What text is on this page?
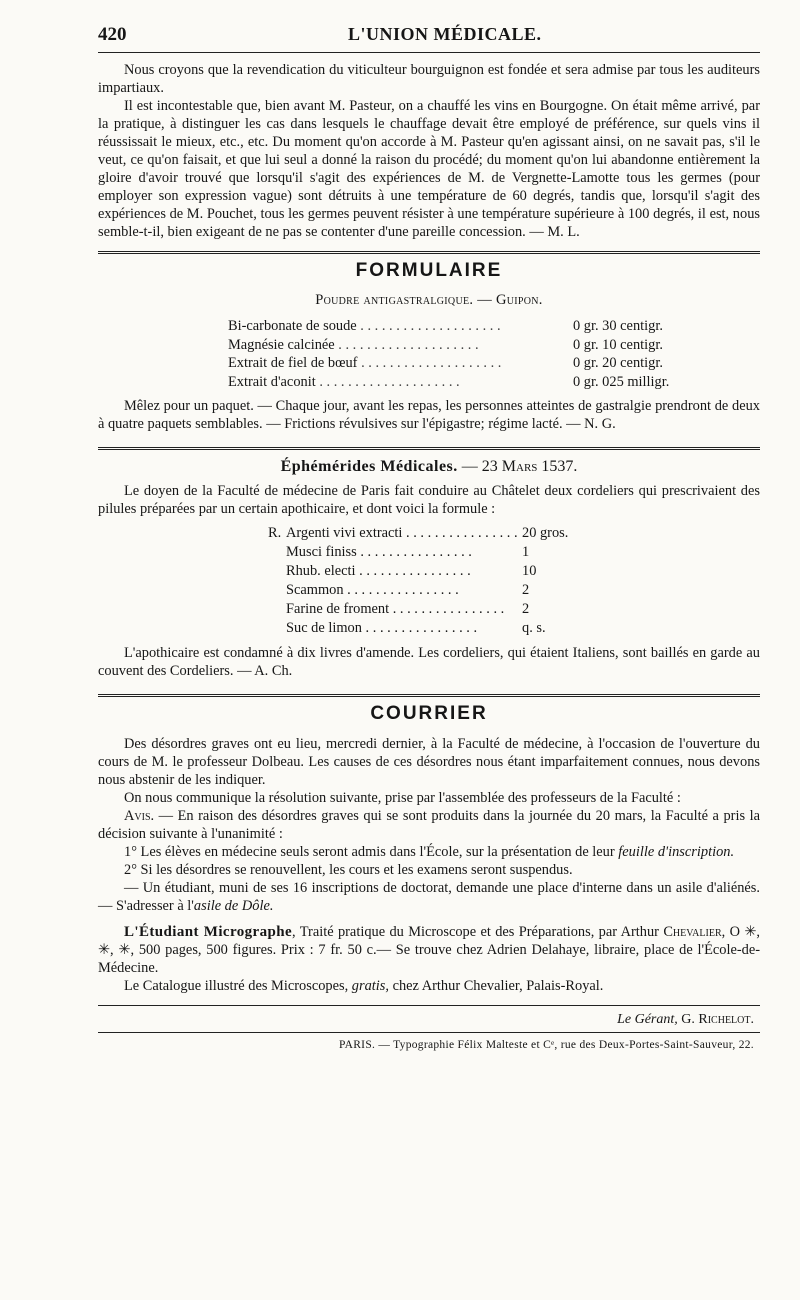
420	L'UNION MÉDICALE.

Nous croyons que la revendication du viticulteur bourguignon est fondée et sera admise par tous les auditeurs impartiaux.

Il est incontestable que, bien avant M. Pasteur, on a chauffé les vins en Bourgogne. On était même arrivé, par la pratique, à distinguer les cas dans lesquels le chauffage devait être employé de préférence, sur quels vins il réussissait le mieux, etc., etc. Du moment qu'on accorde à M. Pasteur qu'en agissant ainsi, on ne savait pas, s'il le veut, ce qu'on faisait, et que lui seul a donné la raison du procédé; du moment qu'on lui abandonne entièrement la gloire d'avoir trouvé que lorsqu'il s'agit des expériences de M. de Vergnette-Lamotte tous les germes (pour employer son expression vague) sont détruits à une température de 60 degrés, tandis que, lorsqu'il s'agit des expériences de M. Pouchet, tous les germes peuvent résister à une température supérieure à 100 degrés, il est, nous semble-t-il, bien exigeant de ne pas se contenter d'une pareille concession. — M. L.

FORMULAIRE
Poudre antigastralgique. — Guipon.
Bi-carbonate de soude . . . . . . . . . . . . . . . . . . . .	0 gr. 30 centigr.
Magnésie calcinée . . . . . . . . . . . . . . . . . . . .	0 gr. 10 centigr.
Extrait de fiel de bœuf . . . . . . . . . . . . . . . . . . . .	0 gr. 20 centigr.
Extrait d'aconit . . . . . . . . . . . . . . . . . . . .	0 gr. 025 milligr.

Mêlez pour un paquet. — Chaque jour, avant les repas, les personnes atteintes de gastralgie prendront de deux à quatre paquets semblables. — Frictions révulsives sur l'épigastre; régime lacté. — N. G.

Éphémérides Médicales. — 23 Mars 1537.

Le doyen de la Faculté de médecine de Paris fait conduire au Châtelet deux cordeliers qui prescrivaient des pilules préparées par un certain apothicaire, et dont voici la formule :

R. Argenti vivi extracti . . . . . . . . . . . . . . . . 20 gros.
Musci finiss . . . . . . . . . . . . . . . .	1
Rhub. electi . . . . . . . . . . . . . . . .	10
Scammon . . . . . . . . . . . . . . . .	2
Farine de froment . . . . . . . . . . . . . . . .	2
Suc de limon . . . . . . . . . . . . . . . .	q. s.

L'apothicaire est condamné à dix livres d'amende. Les cordeliers, qui étaient Italiens, sont baillés en garde au couvent des Cordeliers. — A. Ch.

COURRIER

Des désordres graves ont eu lieu, mercredi dernier, à la Faculté de médecine, à l'occasion de l'ouverture du cours de M. le professeur Dolbeau. Les causes de ces désordres nous étant imparfaitement connues, nous devons nous abstenir de les indiquer.

On nous communique la résolution suivante, prise par l'assemblée des professeurs de la Faculté :

Avis. — En raison des désordres graves qui se sont produits dans la journée du 20 mars, la Faculté a pris la décision suivante à l'unanimité :

1° Les élèves en médecine seuls seront admis dans l'École, sur la présentation de leur feuille d'inscription.

2° Si les désordres se renouvellent, les cours et les examens seront suspendus.

— Un étudiant, muni de ses 16 inscriptions de doctorat, demande une place d'interne dans un asile d'aliénés. — S'adresser à l'asile de Dôle.

L'Étudiant Micrographe, Traité pratique du Microscope et des Préparations, par Arthur Chevalier, O ✳, ✳, ✳, 500 pages, 500 figures. Prix : 7 fr. 50 c.— Se trouve chez Adrien Delahaye, libraire, place de l'École-de-Médecine.

Le Catalogue illustré des Microscopes, gratis, chez Arthur Chevalier, Palais-Royal.

Le Gérant, G. Richelot.
PARIS. — Typographie Félix Malteste et Cᵉ, rue des Deux-Portes-Saint-Sauveur, 22.
